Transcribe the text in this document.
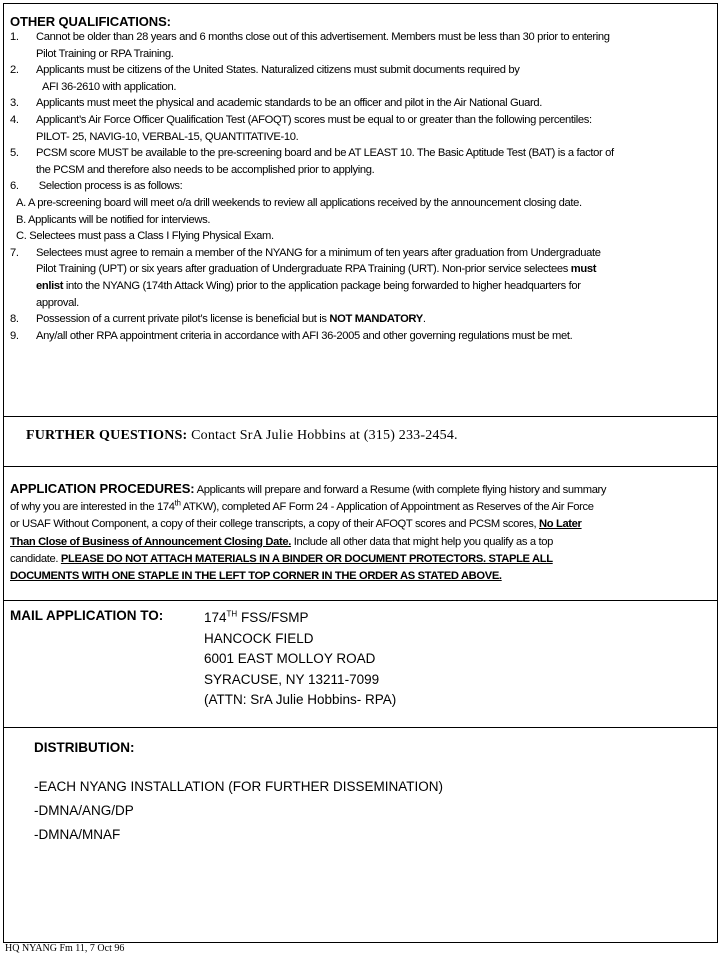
OTHER QUALIFICATIONS:
1. Cannot be older than 28 years and 6 months close out of this advertisement. Members must be less than 30 prior to entering
Pilot Training or RPA Training.
2. Applicants must be citizens of the United States. Naturalized citizens must submit documents required by
AFI 36-2610 with application.
3. Applicants must meet the physical and academic standards to be an officer and pilot in the Air National Guard.
4. Applicant’s Air Force Officer Qualification Test (AFOQT) scores must be equal to or greater than the following percentiles:
PILOT- 25, NAVIG-10, VERBAL-15, QUANTITATIVE-10.
5. PCSM score MUST be available to the pre-screening board and be AT LEAST 10. The Basic Aptitude Test (BAT) is a factor of
the PCSM and therefore also needs to be accomplished prior to applying.
6. Selection process is as follows:
A. A pre-screening board will meet o/a drill weekends to review all applications received by the announcement closing date.
B. Applicants will be notified for interviews.
C. Selectees must pass a Class I Flying Physical Exam.
7. Selectees must agree to remain a member of the NYANG for a minimum of ten years after graduation from Undergraduate
Pilot Training (UPT) or six years after graduation of Undergraduate RPA Training (URT). Non-prior service selectees must
enlist into the NYANG (174th Attack Wing) prior to the application package being forwarded to higher headquarters for
approval.
8. Possession of a current private pilot’s license is beneficial but is NOT MANDATORY.
9. Any/all other RPA appointment criteria in accordance with AFI 36-2005 and other governing regulations must be met.
FURTHER QUESTIONS: Contact SrA Julie Hobbins at (315) 233-2454.
APPLICATION PROCEDURES: Applicants will prepare and forward a Resume (with complete flying history and summary
of why you are interested in the 174th ATKW), completed AF Form 24 - Application of Appointment as Reserves of the Air Force
or USAF Without Component, a copy of their college transcripts, a copy of their AFOQT scores and PCSM scores, No Later
Than Close of Business of Announcement Closing Date. Include all other data that might help you qualify as a top
candidate. PLEASE DO NOT ATTACH MATERIALS IN A BINDER OR DOCUMENT PROTECTORS. STAPLE ALL
DOCUMENTS WITH ONE STAPLE IN THE LEFT TOP CORNER IN THE ORDER AS STATED ABOVE.
MAIL APPLICATION TO:	174TH FSS/FSMP
HANCOCK FIELD
6001 EAST MOLLOY ROAD
SYRACUSE, NY 13211-7099
(ATTN: SrA Julie Hobbins- RPA)
DISTRIBUTION:
-EACH NYANG INSTALLATION (FOR FURTHER DISSEMINATION)
-DMNA/ANG/DP
-DMNA/MNAF
HQ NYANG Fm 11, 7 Oct 96
